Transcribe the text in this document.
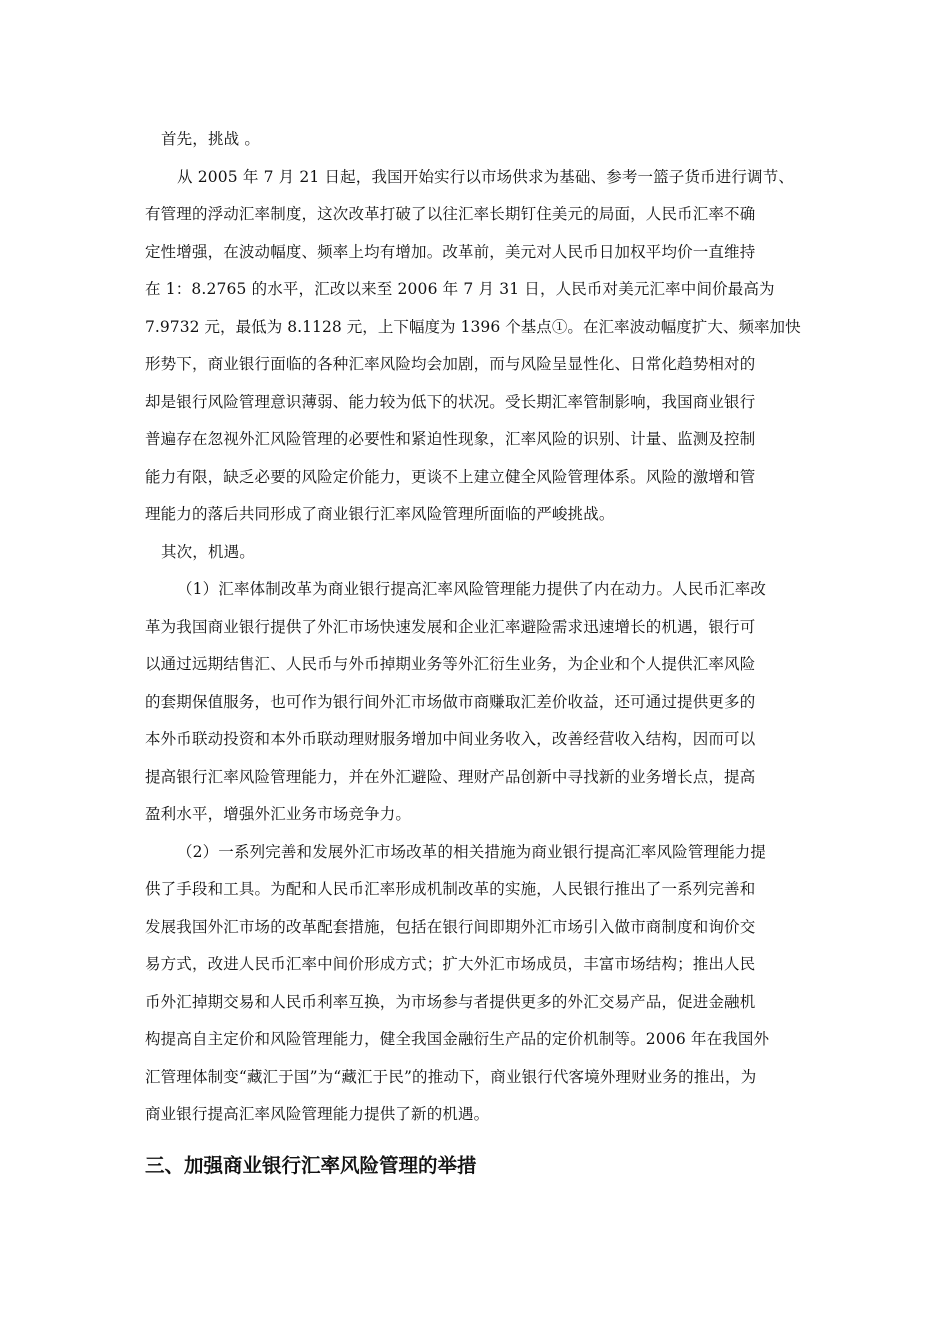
首先，挑战 。
从 2005 年 7 月 21 日起，我国开始实行以市场供求为基础、参考一篮子货币进行调节、
有管理的浮动汇率制度，这次改革打破了以往汇率长期钉住美元的局面，人民币汇率不确
定性增强，在波动幅度、频率上均有增加。改革前，美元对人民币日加权平均价一直维持
在 1：8.2765 的水平，汇改以来至 2006 年 7 月 31 日，人民币对美元汇率中间价最高为
7.9732 元，最低为 8.1128 元，上下幅度为 1396 个基点①。在汇率波动幅度扩大、频率加快
形势下，商业银行面临的各种汇率风险均会加剧，而与风险呈显性化、日常化趋势相对的
却是银行风险管理意识薄弱、能力较为低下的状况。受长期汇率管制影响，我国商业银行
普遍存在忽视外汇风险管理的必要性和紧迫性现象，汇率风险的识别、计量、监测及控制
能力有限，缺乏必要的风险定价能力，更谈不上建立健全风险管理体系。风险的激增和管
理能力的落后共同形成了商业银行汇率风险管理所面临的严峻挑战。
其次，机遇。
（1）汇率体制改革为商业银行提高汇率风险管理能力提供了内在动力。人民币汇率改
革为我国商业银行提供了外汇市场快速发展和企业汇率避险需求迅速增长的机遇，银行可
以通过远期结售汇、人民币与外币掉期业务等外汇衍生业务，为企业和个人提供汇率风险
的套期保值服务，也可作为银行间外汇市场做市商赚取汇差价收益，还可通过提供更多的
本外币联动投资和本外币联动理财服务增加中间业务收入，改善经营收入结构，因而可以
提高银行汇率风险管理能力，并在外汇避险、理财产品创新中寻找新的业务增长点，提高
盈利水平，增强外汇业务市场竞争力。
（2）一系列完善和发展外汇市场改革的相关措施为商业银行提高汇率风险管理能力提
供了手段和工具。为配和人民币汇率形成机制改革的实施，人民银行推出了一系列完善和
发展我国外汇市场的改革配套措施，包括在银行间即期外汇市场引入做市商制度和询价交
易方式，改进人民币汇率中间价形成方式；扩大外汇市场成员，丰富市场结构；推出人民
币外汇掉期交易和人民币利率互换，为市场参与者提供更多的外汇交易产品，促进金融机
构提高自主定价和风险管理能力，健全我国金融衍生产品的定价机制等。2006 年在我国外
汇管理体制变“藏汇于国”为“藏汇于民”的推动下，商业银行代客境外理财业务的推出，为
商业银行提高汇率风险管理能力提供了新的机遇。
三、加强商业银行汇率风险管理的举措
